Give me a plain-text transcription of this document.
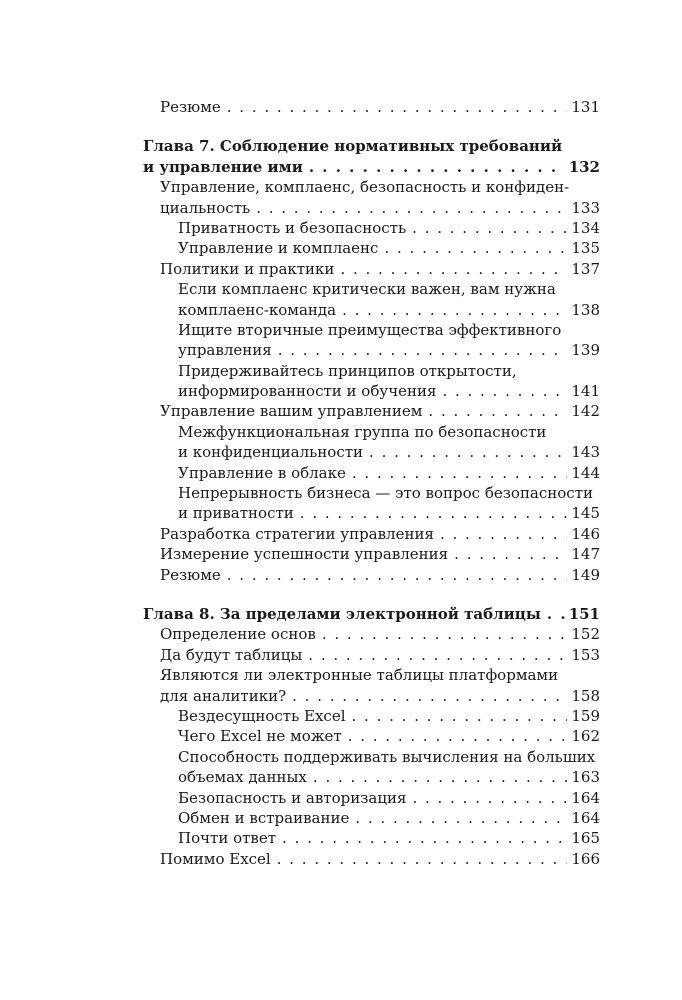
Резюме . . .	131
Глава 7. Соблюдение нормативных требований
и управление ими . . .	132
Управление, комплаенс, безопасность и конфиден-
циальность . . .	133
Приватность и безопасность . . .	134
Управление и комплаенс . . .	135
Политики и практики . . .	137
Если комплаенс критически важен, вам нужна
комплаенс-команда . . .	138
Ищите вторичные преимущества эффективного
управления . . .	139
Придерживайтесь принципов открытости,
информированности и обучения . . .	141
Управление вашим управлением . . .	142
Межфункциональная группа по безопасности
и конфиденциальности . . .	143
Управление в облаке . . .	144
Непрерывность бизнеса — это вопрос безопасности
и приватности . . .	145
Разработка стратегии управления . . .	146
Измерение успешности управления . . .	147
Резюме . . .	149
Глава 8. За пределами электронной таблицы . . . 151
Определение основ . . .	152
Да будут таблицы . . .	153
Являются ли электронные таблицы платформами
для аналитики? . . .	158
Вездесущность Excel . . .	159
Чего Excel не может . . .	162
Способность поддерживать вычисления на больших
объемах данных . . .	163
Безопасность и авторизация . . .	164
Обмен и встраивание . . .	164
Почти ответ . . .	165
Помимо Excel . . .	166
